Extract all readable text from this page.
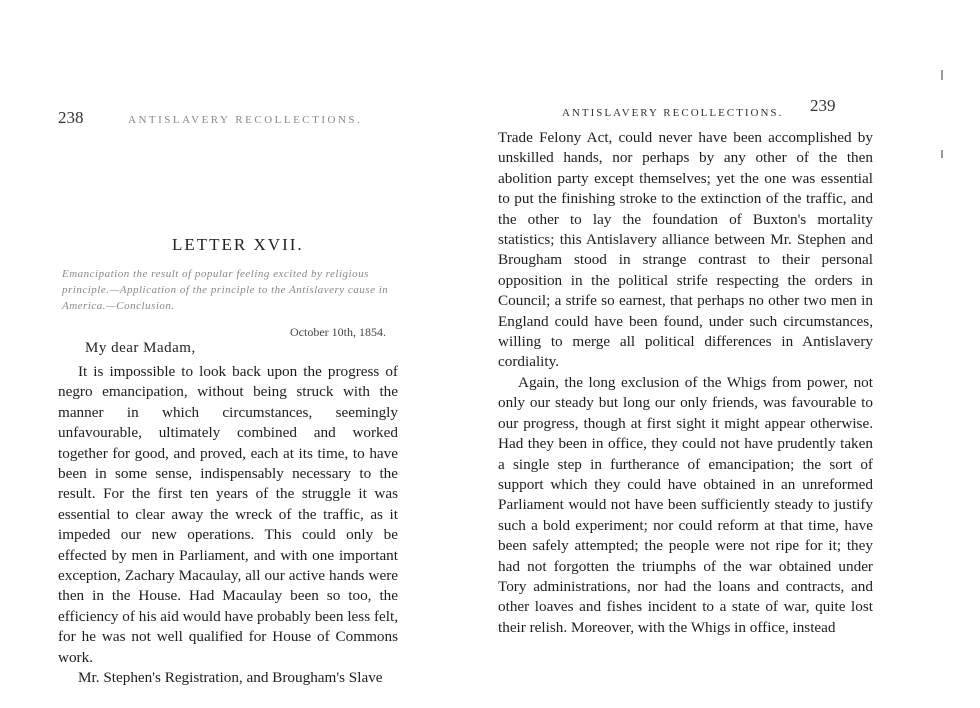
238	ANTISLAVERY RECOLLECTIONS.
LETTER XVII.
Emancipation the result of popular feeling excited by religious principle.—Application of the principle to the Antislavery cause in America.—Conclusion.
October 10th, 1854.
My dear Madam,

It is impossible to look back upon the progress of negro emancipation, without being struck with the manner in which circumstances, seemingly unfavourable, ultimately combined and worked together for good, and proved, each at its time, to have been in some sense, indispensably necessary to the result. For the first ten years of the struggle it was essential to clear away the wreck of the traffic, as it impeded our new operations. This could only be effected by men in Parliament, and with one important exception, Zachary Macaulay, all our active hands were then in the House. Had Macaulay been so too, the efficiency of his aid would have probably been less felt, for he was not well qualified for House of Commons work.

Mr. Stephen's Registration, and Brougham's Slave

ANTISLAVERY RECOLLECTIONS. 239

Trade Felony Act, could never have been accomplished by unskilled hands, nor perhaps by any other of the then abolition party except themselves; yet the one was essential to put the finishing stroke to the extinction of the traffic, and the other to lay the foundation of Buxton's mortality statistics; this Antislavery alliance between Mr. Stephen and Brougham stood in strange contrast to their personal opposition in the political strife respecting the orders in Council; a strife so earnest, that perhaps no other two men in England could have been found, under such circumstances, willing to merge all political differences in Antislavery cordiality.

Again, the long exclusion of the Whigs from power, not only our steady but long our only friends, was favourable to our progress, though at first sight it might appear otherwise. Had they been in office, they could not have prudently taken a single step in furtherance of emancipation; the sort of support which they could have obtained in an unreformed Parliament would not have been sufficiently steady to justify such a bold experiment; nor could reform at that time, have been safely attempted; the people were not ripe for it; they had not forgotten the triumphs of the war obtained under Tory administrations, nor had the loans and contracts, and other loaves and fishes incident to a state of war, quite lost their relish. Moreover, with the Whigs in office, instead
